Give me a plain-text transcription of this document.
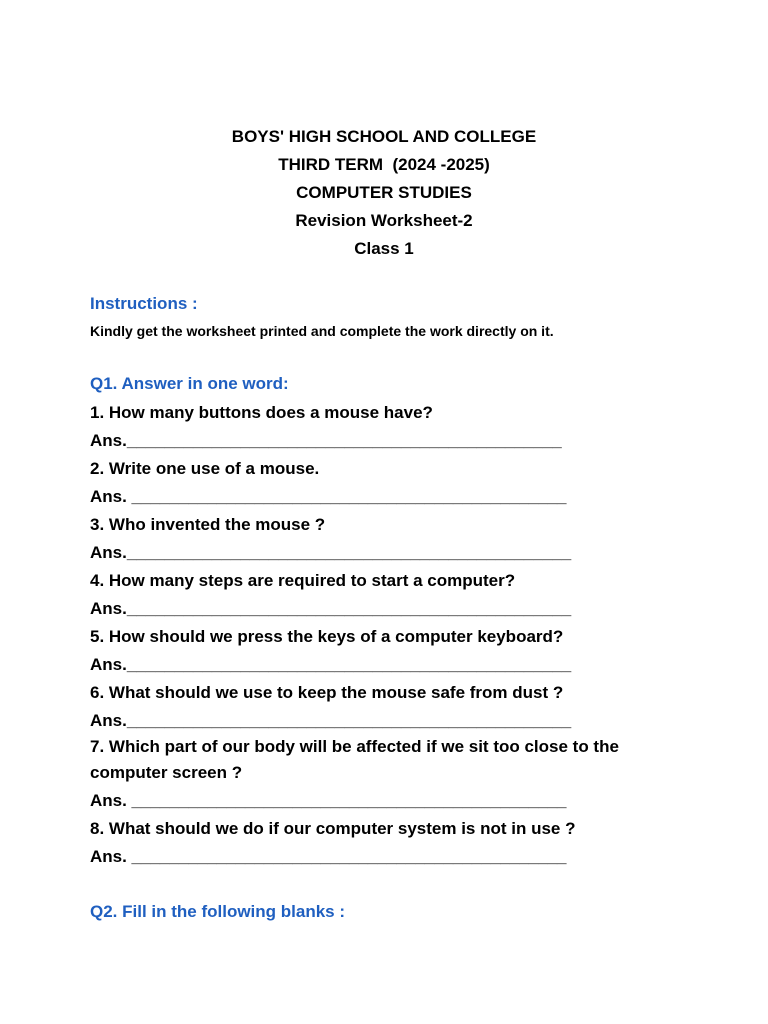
BOYS' HIGH SCHOOL AND COLLEGE
THIRD TERM  (2024 -2025)
COMPUTER STUDIES
Revision Worksheet-2
Class 1
Instructions :
Kindly get the worksheet printed and complete the work directly on it.
Q1. Answer in one word:
1. How many buttons does a mouse have?
Ans.______________________________________________
2. Write one use of a mouse.
Ans. ______________________________________________
3. Who invented the mouse ?
Ans._______________________________________________
4. How many steps are required to start a computer?
Ans._______________________________________________
5. How should we press the keys of a computer keyboard?
Ans._______________________________________________
6. What should we use to keep the mouse safe from dust ?
Ans._______________________________________________
7. Which part of our body will be affected if we sit too close to the
computer screen ?
Ans. ______________________________________________
8. What should we do if our computer system is not in use ?
Ans. ______________________________________________
Q2. Fill in the following blanks :
